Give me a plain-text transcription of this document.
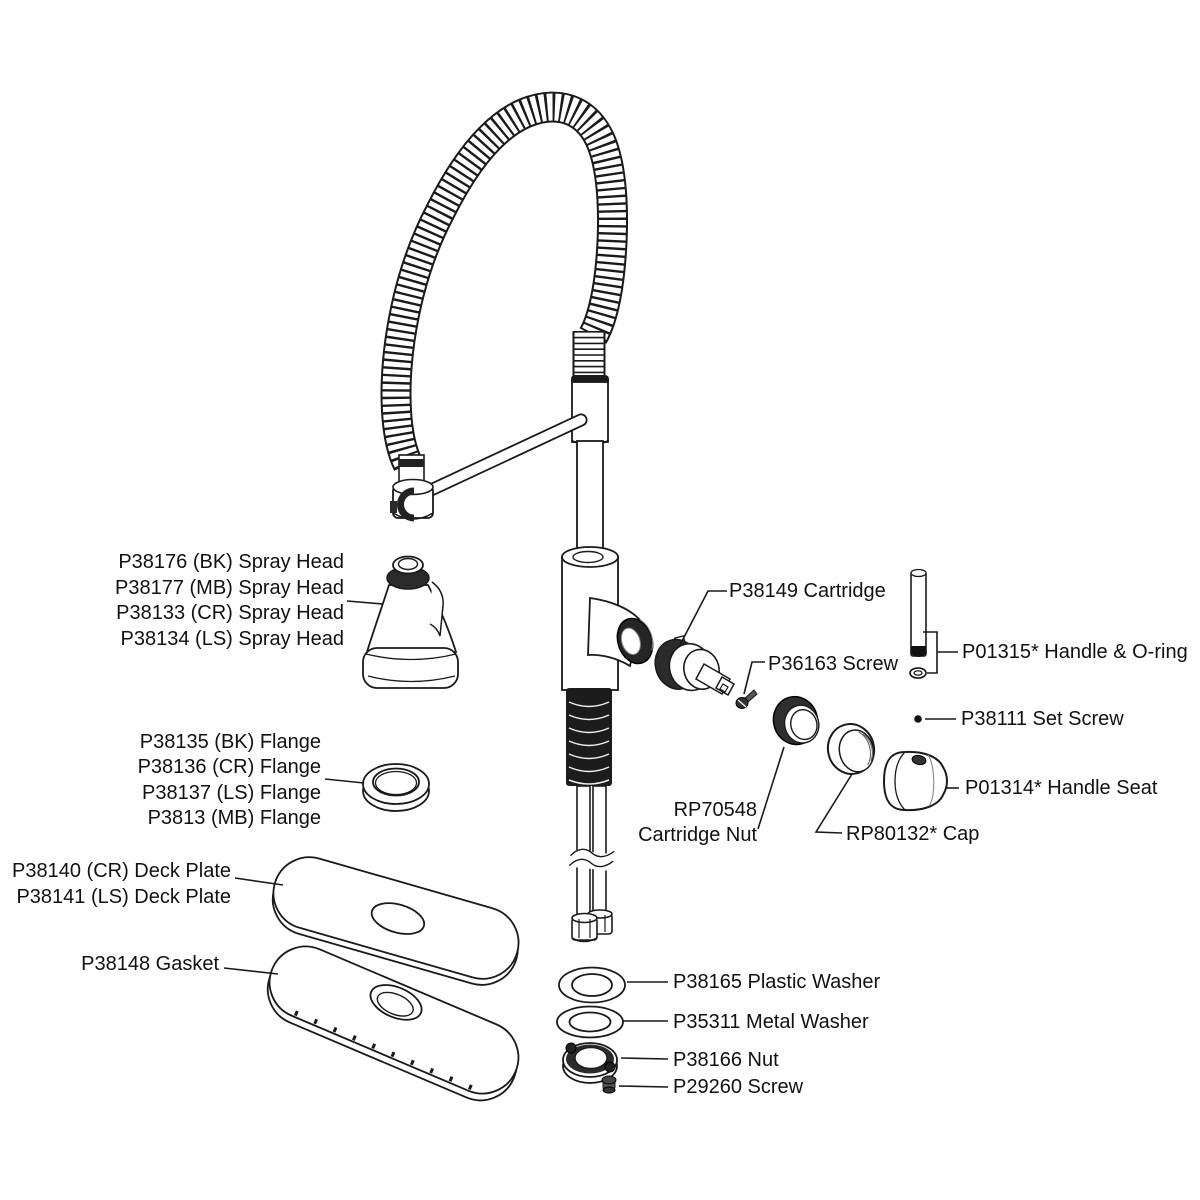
P38176 (BK) Spray Head
P38177 (MB) Spray Head
P38133 (CR) Spray Head
P38134 (LS) Spray Head
P38135 (BK) Flange
P38136 (CR) Flange
P38137 (LS) Flange
P3813 (MB) Flange
P38140 (CR) Deck Plate
P38141 (LS) Deck Plate
P38148 Gasket
P38149 Cartridge
P36163 Screw
P01315* Handle & O-ring
P38111 Set Screw
P01314* Handle Seat
RP70548
Cartridge Nut	RP80132* Cap
P38165 Plastic Washer
P35311 Metal Washer
P38166 Nut
P29260 Screw
